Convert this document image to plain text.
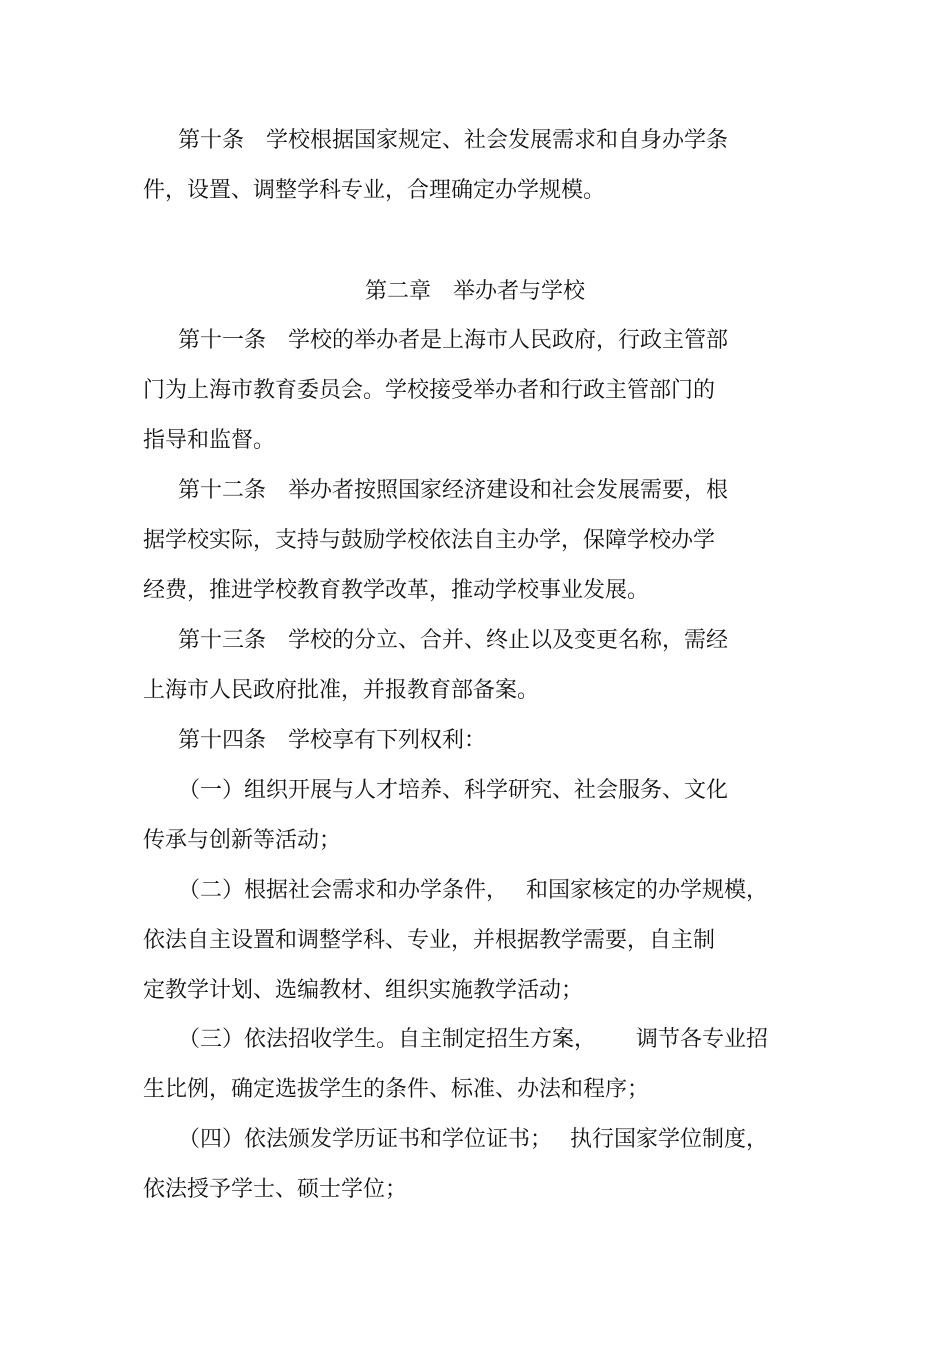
第十条　学校根据国家规定、社会发展需求和自身办学条
件，设置、调整学科专业，合理确定办学规模。
第二章　举办者与学校
第十一条　学校的举办者是上海市人民政府，行政主管部
门为上海市教育委员会。学校接受举办者和行政主管部门的
指导和监督。
第十二条　举办者按照国家经济建设和社会发展需要，根
据学校实际，支持与鼓励学校依法自主办学，保障学校办学
经费，推进学校教育教学改革，推动学校事业发展。
第十三条　学校的分立、合并、终止以及变更名称，需经
上海市人民政府批准，并报教育部备案。
第十四条　学校享有下列权利：
（一）组织开展与人才培养、科学研究、社会服务、文化
传承与创新等活动；
（二）根据社会需求和办学条件，　 和国家核定的办学规模，
依法自主设置和调整学科、专业，并根据教学需要，自主制
定教学计划、选编教材、组织实施教学活动；
（三）依法招收学生。自主制定招生方案，　　 调节各专业招
生比例，确定选拔学生的条件、标准、办法和程序；
（四）依法颁发学历证书和学位证书；　 执行国家学位制度，
依法授予学士、硕士学位；
